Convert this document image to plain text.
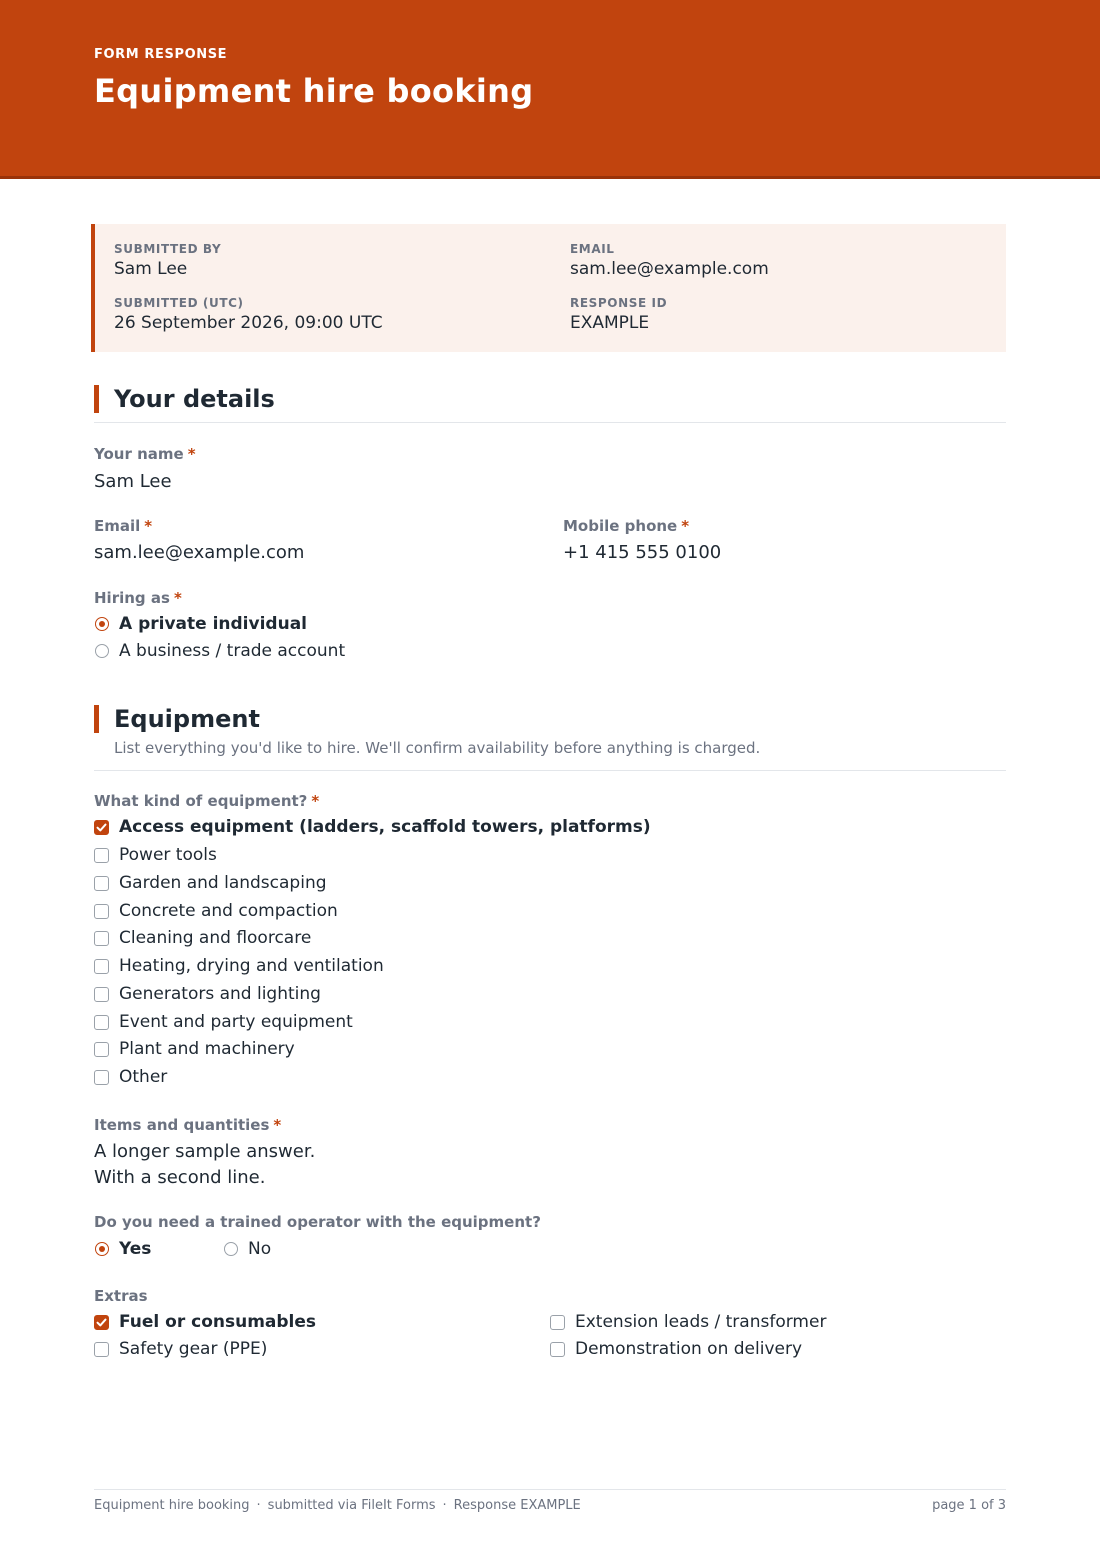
FORM RESPONSE

Equipment hire booking
SUBMITTED BY
Sam Lee
EMAIL
sam.lee@example.com
SUBMITTED (UTC)
26 September 2026, 09:00 UTC
RESPONSE ID
EXAMPLE
Your details
Your name *
Sam Lee
Email *
sam.lee@example.com
Mobile phone *
+1 415 555 0100
Hiring as *
A private individual
A business / trade account
Equipment
List everything you'd like to hire. We'll confirm availability before anything is charged.
What kind of equipment? *
Access equipment (ladders, scaffold towers, platforms)
Power tools
Garden and landscaping
Concrete and compaction
Cleaning and floorcare
Heating, drying and ventilation
Generators and lighting
Event and party equipment
Plant and machinery
Other
Items and quantities *
A longer sample answer.
With a second line.
Do you need a trained operator with the equipment?
Yes	No
Extras
Fuel or consumables	Extension leads / transformer
Safety gear (PPE)	Demonstration on delivery
Equipment hire booking · submitted via FileIt Forms · Response EXAMPLE	page 1 of 3
